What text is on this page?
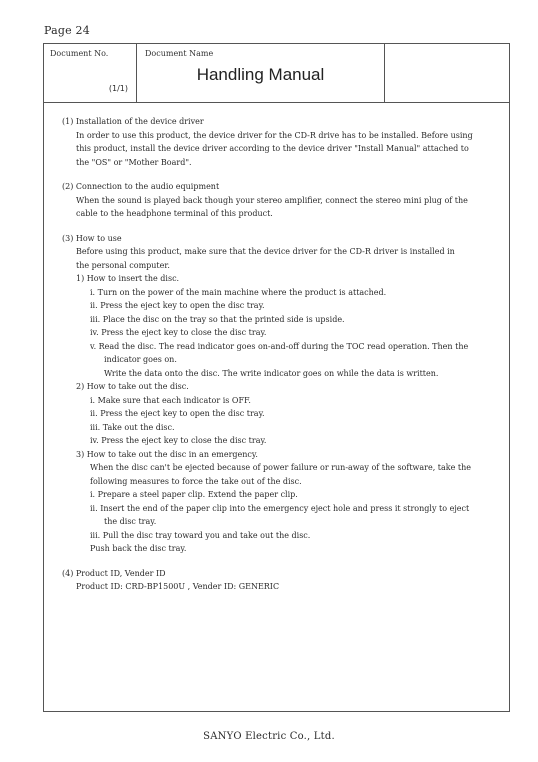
Page 24
Document No.
(1/1)
Document Name
Handling Manual

(1) Installation of the device driver

In order to use this product, the device driver for the CD-R drive has to be installed. Before using

this product, install the device driver according to the device driver "Install Manual" attached to

the "OS" or "Mother Board".

(2) Connection to the audio equipment

When the sound is played back though your stereo amplifier, connect the stereo mini plug of the

cable to the headphone terminal of this product.

(3) How to use

Before using this product, make sure that the device driver for the CD-R driver is installed in

the personal computer.

1) How to insert the disc.

i. Turn on the power of the main machine where the product is attached.

ii. Press the eject key to open the disc tray.

iii. Place the disc on the tray so that the printed side is upside.

iv. Press the eject key to close the disc tray.

v. Read the disc. The read indicator goes on-and-off during the TOC read operation. Then the

indicator goes on.

Write the data onto the disc. The write indicator goes on while the data is written.

2) How to take out the disc.

i. Make sure that each indicator is OFF.

ii. Press the eject key to open the disc tray.

iii. Take out the disc.

iv. Press the eject key to close the disc tray.

3) How to take out the disc in an emergency.

When the disc can't be ejected because of power failure or run-away of the software, take the

following measures to force the take out of the disc.

i. Prepare a steel paper clip. Extend the paper clip.

ii. Insert the end of the paper clip into the emergency eject hole and press it strongly to eject

the disc tray.

iii. Pull the disc tray toward you and take out the disc.

Push back the disc tray.

(4) Product ID, Vender ID

Product ID: CRD-BP1500U , Vender ID: GENERIC

SANYO Electric Co., Ltd.
